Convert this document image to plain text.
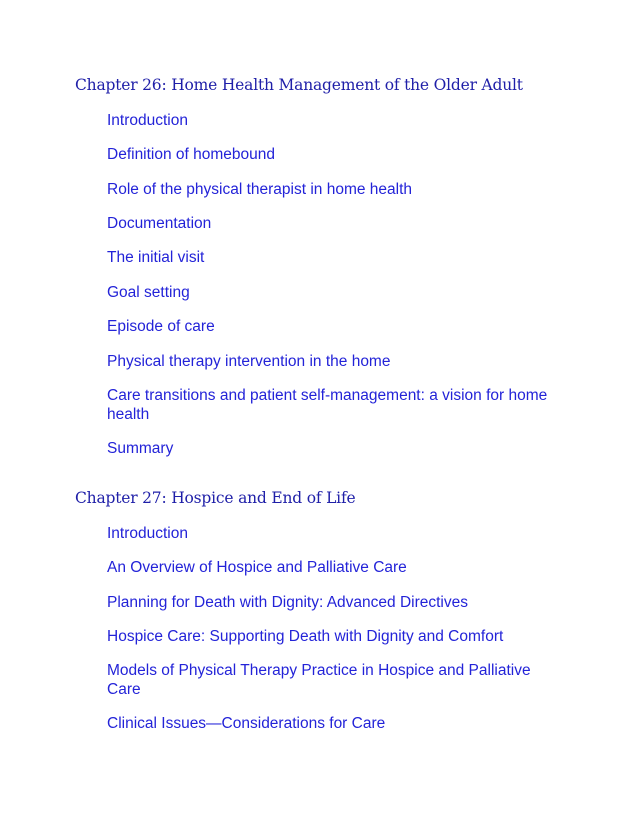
Chapter 26: Home Health Management of the Older Adult
Introduction
Definition of homebound
Role of the physical therapist in home health
Documentation
The initial visit
Goal setting
Episode of care
Physical therapy intervention in the home
Care transitions and patient self-management: a vision for home health
Summary
Chapter 27: Hospice and End of Life
Introduction
An Overview of Hospice and Palliative Care
Planning for Death with Dignity: Advanced Directives
Hospice Care: Supporting Death with Dignity and Comfort
Models of Physical Therapy Practice in Hospice and Palliative Care
Clinical Issues—Considerations for Care
